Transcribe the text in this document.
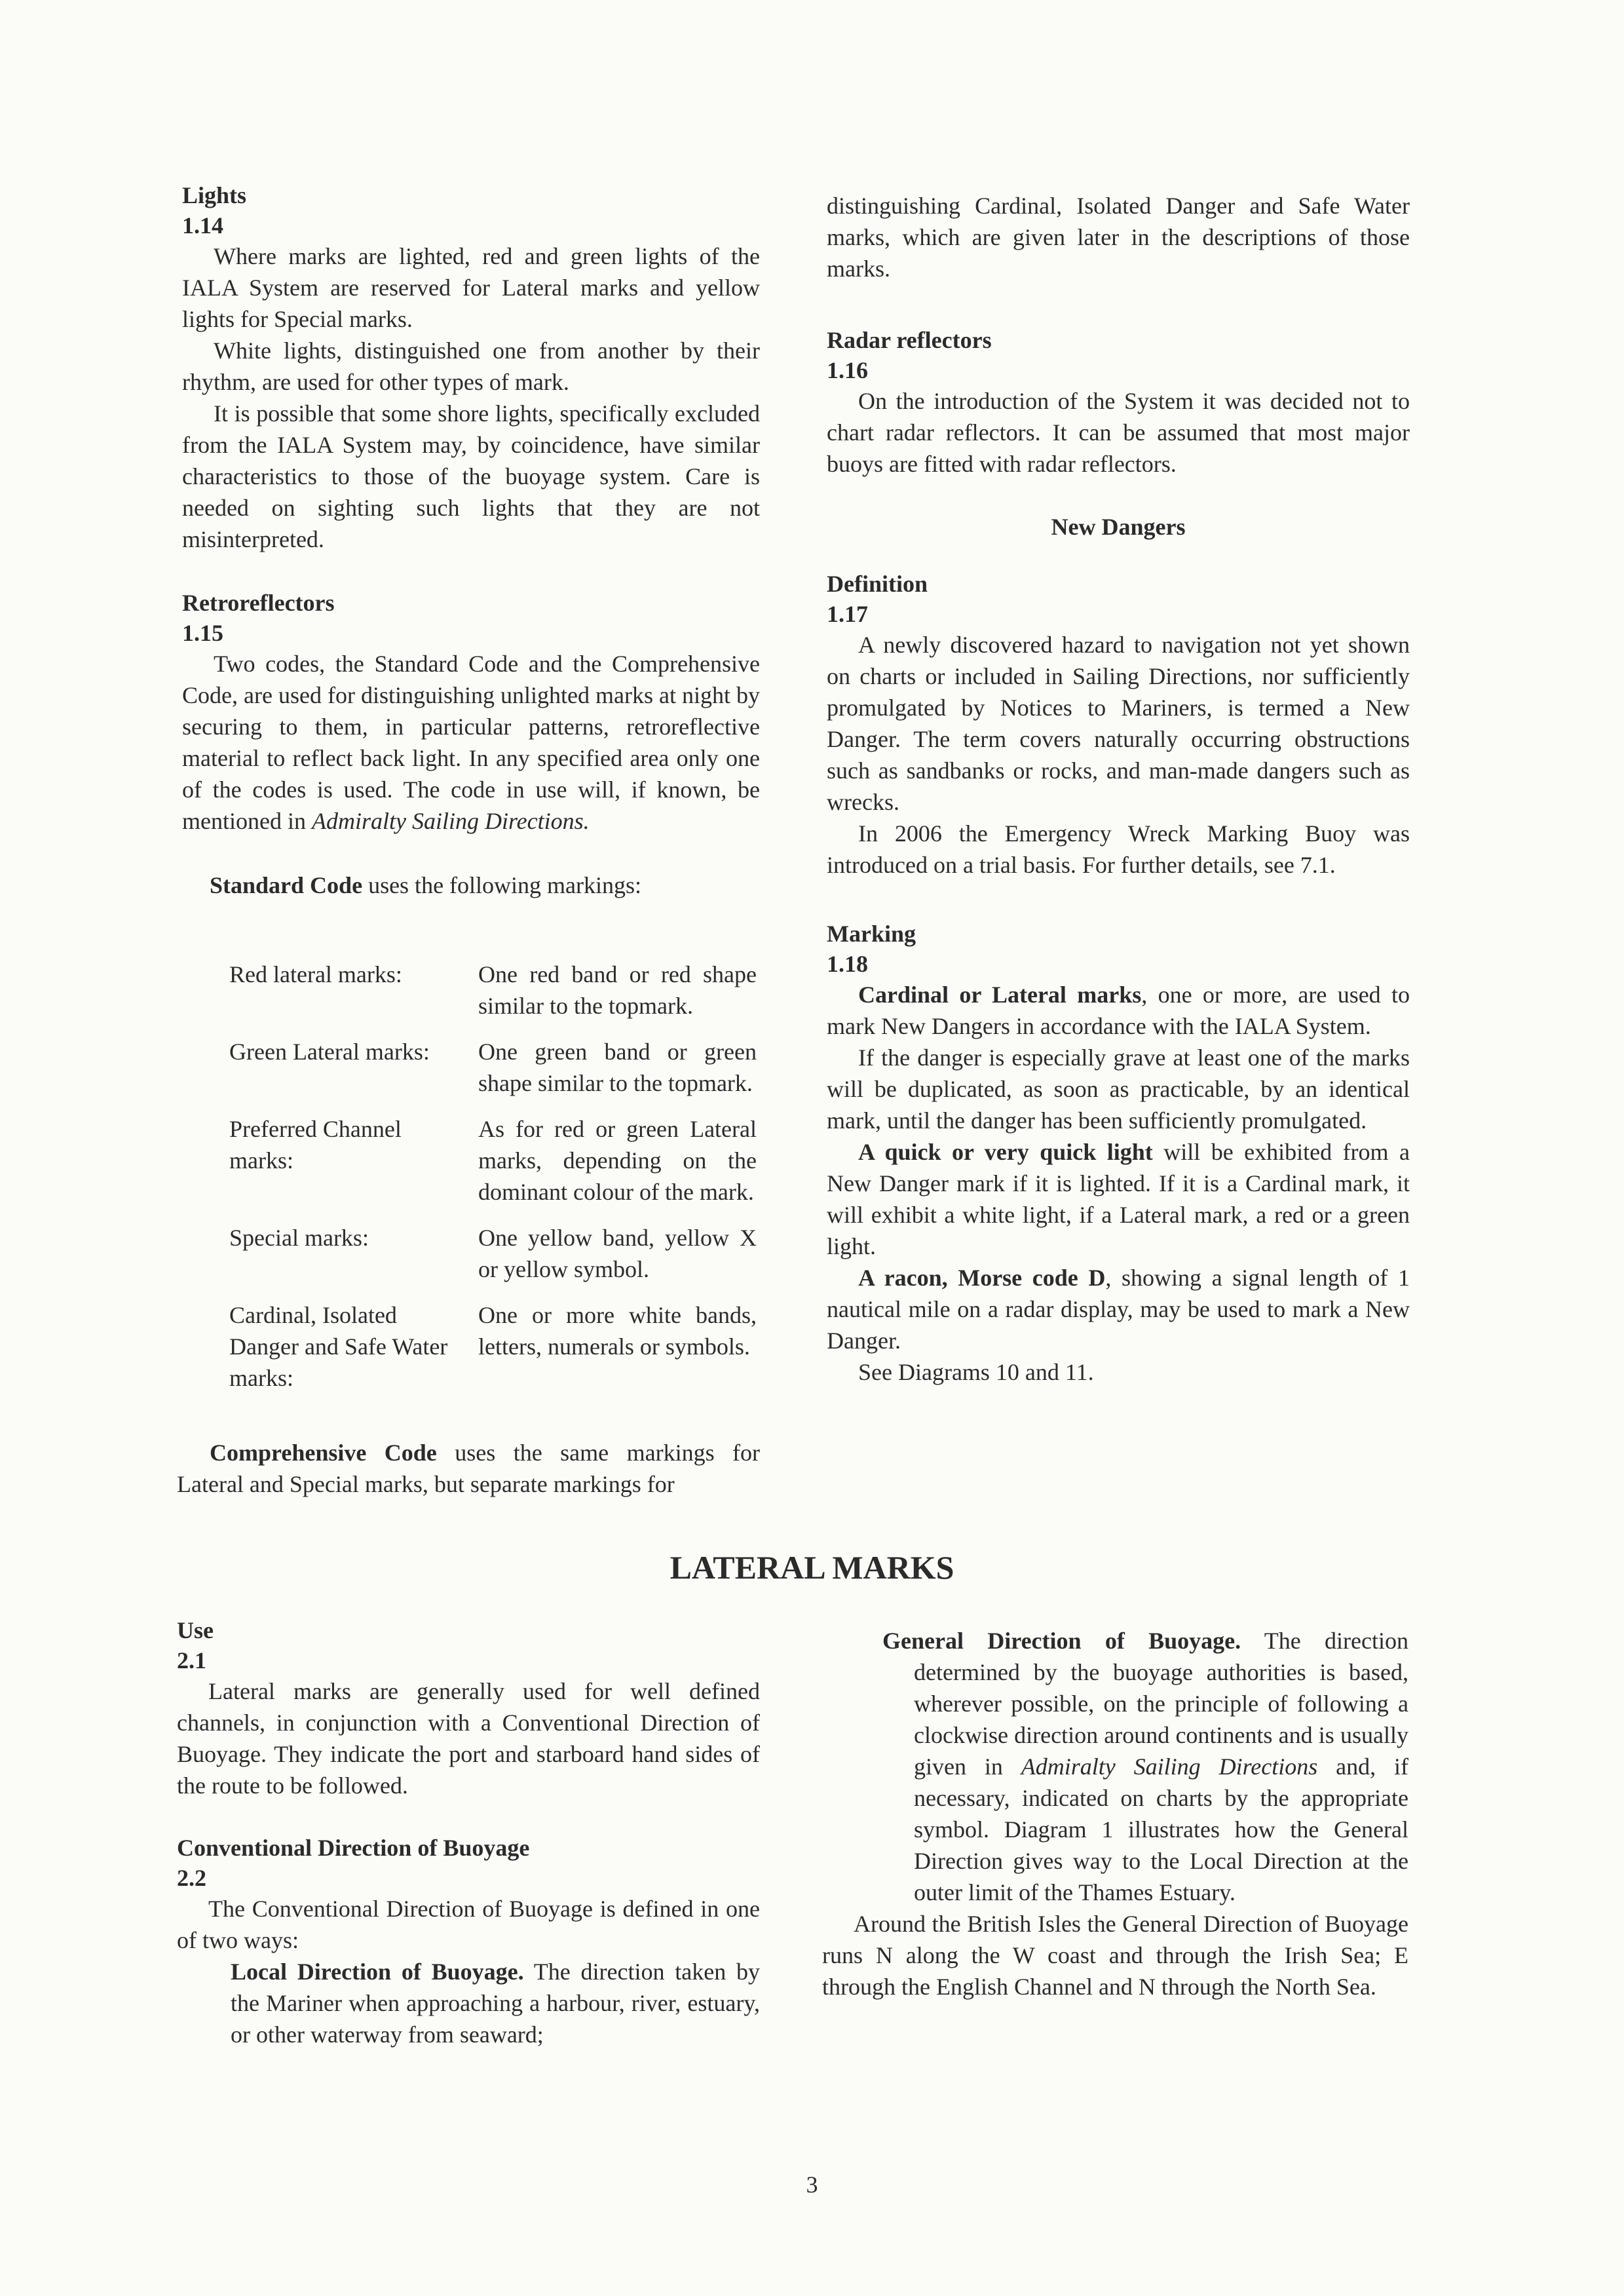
Lights

1.14

Where marks are lighted, red and green lights of the IALA System are reserved for Lateral marks and yellow lights for Special marks.

White lights, distinguished one from another by their rhythm, are used for other types of mark.

It is possible that some shore lights, specifically excluded from the IALA System may, by coincidence, have similar characteristics to those of the buoyage system. Care is needed on sighting such lights that they are not misinterpreted.

Retroreflectors

1.15

Two codes, the Standard Code and the Comprehensive Code, are used for distinguishing unlighted marks at night by securing to them, in particular patterns, retroreflective material to reflect back light. In any specified area only one of the codes is used. The code in use will, if known, be mentioned in Admiralty Sailing Directions.

Standard Code uses the following markings:

Red lateral marks:	One red band or red shape similar to the topmark.

Green Lateral marks:	One green band or green shape similar to the topmark.

Preferred Channel marks:	As for red or green Lateral marks, depending on the dominant colour of the mark.

Special marks:	One yellow band, yellow X or yellow symbol.

Cardinal, Isolated Danger and Safe Water marks:	One or more white bands, letters, numerals or symbols.

Comprehensive Code uses the same markings for Lateral and Special marks, but separate markings for

distinguishing Cardinal, Isolated Danger and Safe Water marks, which are given later in the descriptions of those marks.

Radar reflectors

1.16

On the introduction of the System it was decided not to chart radar reflectors. It can be assumed that most major buoys are fitted with radar reflectors.

New Dangers

Definition

1.17

A newly discovered hazard to navigation not yet shown on charts or included in Sailing Directions, nor sufficiently promulgated by Notices to Mariners, is termed a New Danger. The term covers naturally occurring obstructions such as sandbanks or rocks, and man-made dangers such as wrecks.

In 2006 the Emergency Wreck Marking Buoy was introduced on a trial basis. For further details, see 7.1.

Marking

1.18

Cardinal or Lateral marks, one or more, are used to mark New Dangers in accordance with the IALA System.

If the danger is especially grave at least one of the marks will be duplicated, as soon as practicable, by an identical mark, until the danger has been sufficiently promulgated.

A quick or very quick light will be exhibited from a New Danger mark if it is lighted. If it is a Cardinal mark, it will exhibit a white light, if a Lateral mark, a red or a green light.

A racon, Morse code D, showing a signal length of 1 nautical mile on a radar display, may be used to mark a New Danger.

See Diagrams 10 and 11.

LATERAL MARKS

Use

2.1

Lateral marks are generally used for well defined channels, in conjunction with a Conventional Direction of Buoyage. They indicate the port and starboard hand sides of the route to be followed.

Conventional Direction of Buoyage

2.2

The Conventional Direction of Buoyage is defined in one of two ways:

Local Direction of Buoyage. The direction taken by the Mariner when approaching a harbour, river, estuary, or other waterway from seaward;

General Direction of Buoyage. The direction determined by the buoyage authorities is based, wherever possible, on the principle of following a clockwise direction around continents and is usually given in Admiralty Sailing Directions and, if necessary, indicated on charts by the appropriate symbol. Diagram 1 illustrates how the General Direction gives way to the Local Direction at the outer limit of the Thames Estuary.

Around the British Isles the General Direction of Buoyage runs N along the W coast and through the Irish Sea; E through the English Channel and N through the North Sea.

3
